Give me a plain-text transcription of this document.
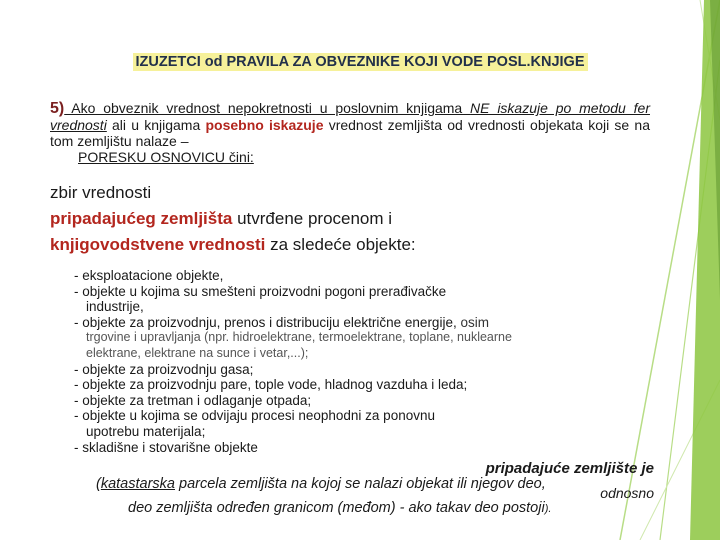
IZUZETCI od PRAVILA ZA OBVEZNIKE KOJI VODE POSL.KNJIGE
5) Ako obveznik vrednost nepokretnosti u poslovnim knjigama NE iskazuje po metodu fer vrednosti ali u knjigama posebno iskazuje vrednost zemljišta od vrednosti objekata koji se na tom zemljištu nalaze –
PORESKU OSNOVICU čini:
zbir vrednosti
pripadajućeg zemljišta utvrđene procenom i
knjigovodstvene vrednosti za sledeće objekte:
- eksploatacione objekte,
- objekte u kojima su smešteni proizvodni pogoni prerađivačke
industrije,
- objekte za proizvodnju, prenos i distribuciju električne energije, osim
trgovine i upravljanja (npr. hidroelektrane, termoelektrane, toplane, nuklearne
elektrane, elektrane na sunce i vetar,...);
- objekte za proizvodnju gasa;
- objekte za proizvodnju pare, tople vode, hladnog vazduha i leda;
- objekte za tretman i odlaganje otpada;
- objekte u kojima se odvijaju procesi neophodni za ponovnu
upotrebu materijala;
- skladišne i stovarišne objekte
pripadajuće zemljište je
(katastarska parcela zemljišta na kojoj se nalazi objekat ili njegov deo,
odnosno
deo zemljišta određen granicom (međom) - ako takav deo postoji).
